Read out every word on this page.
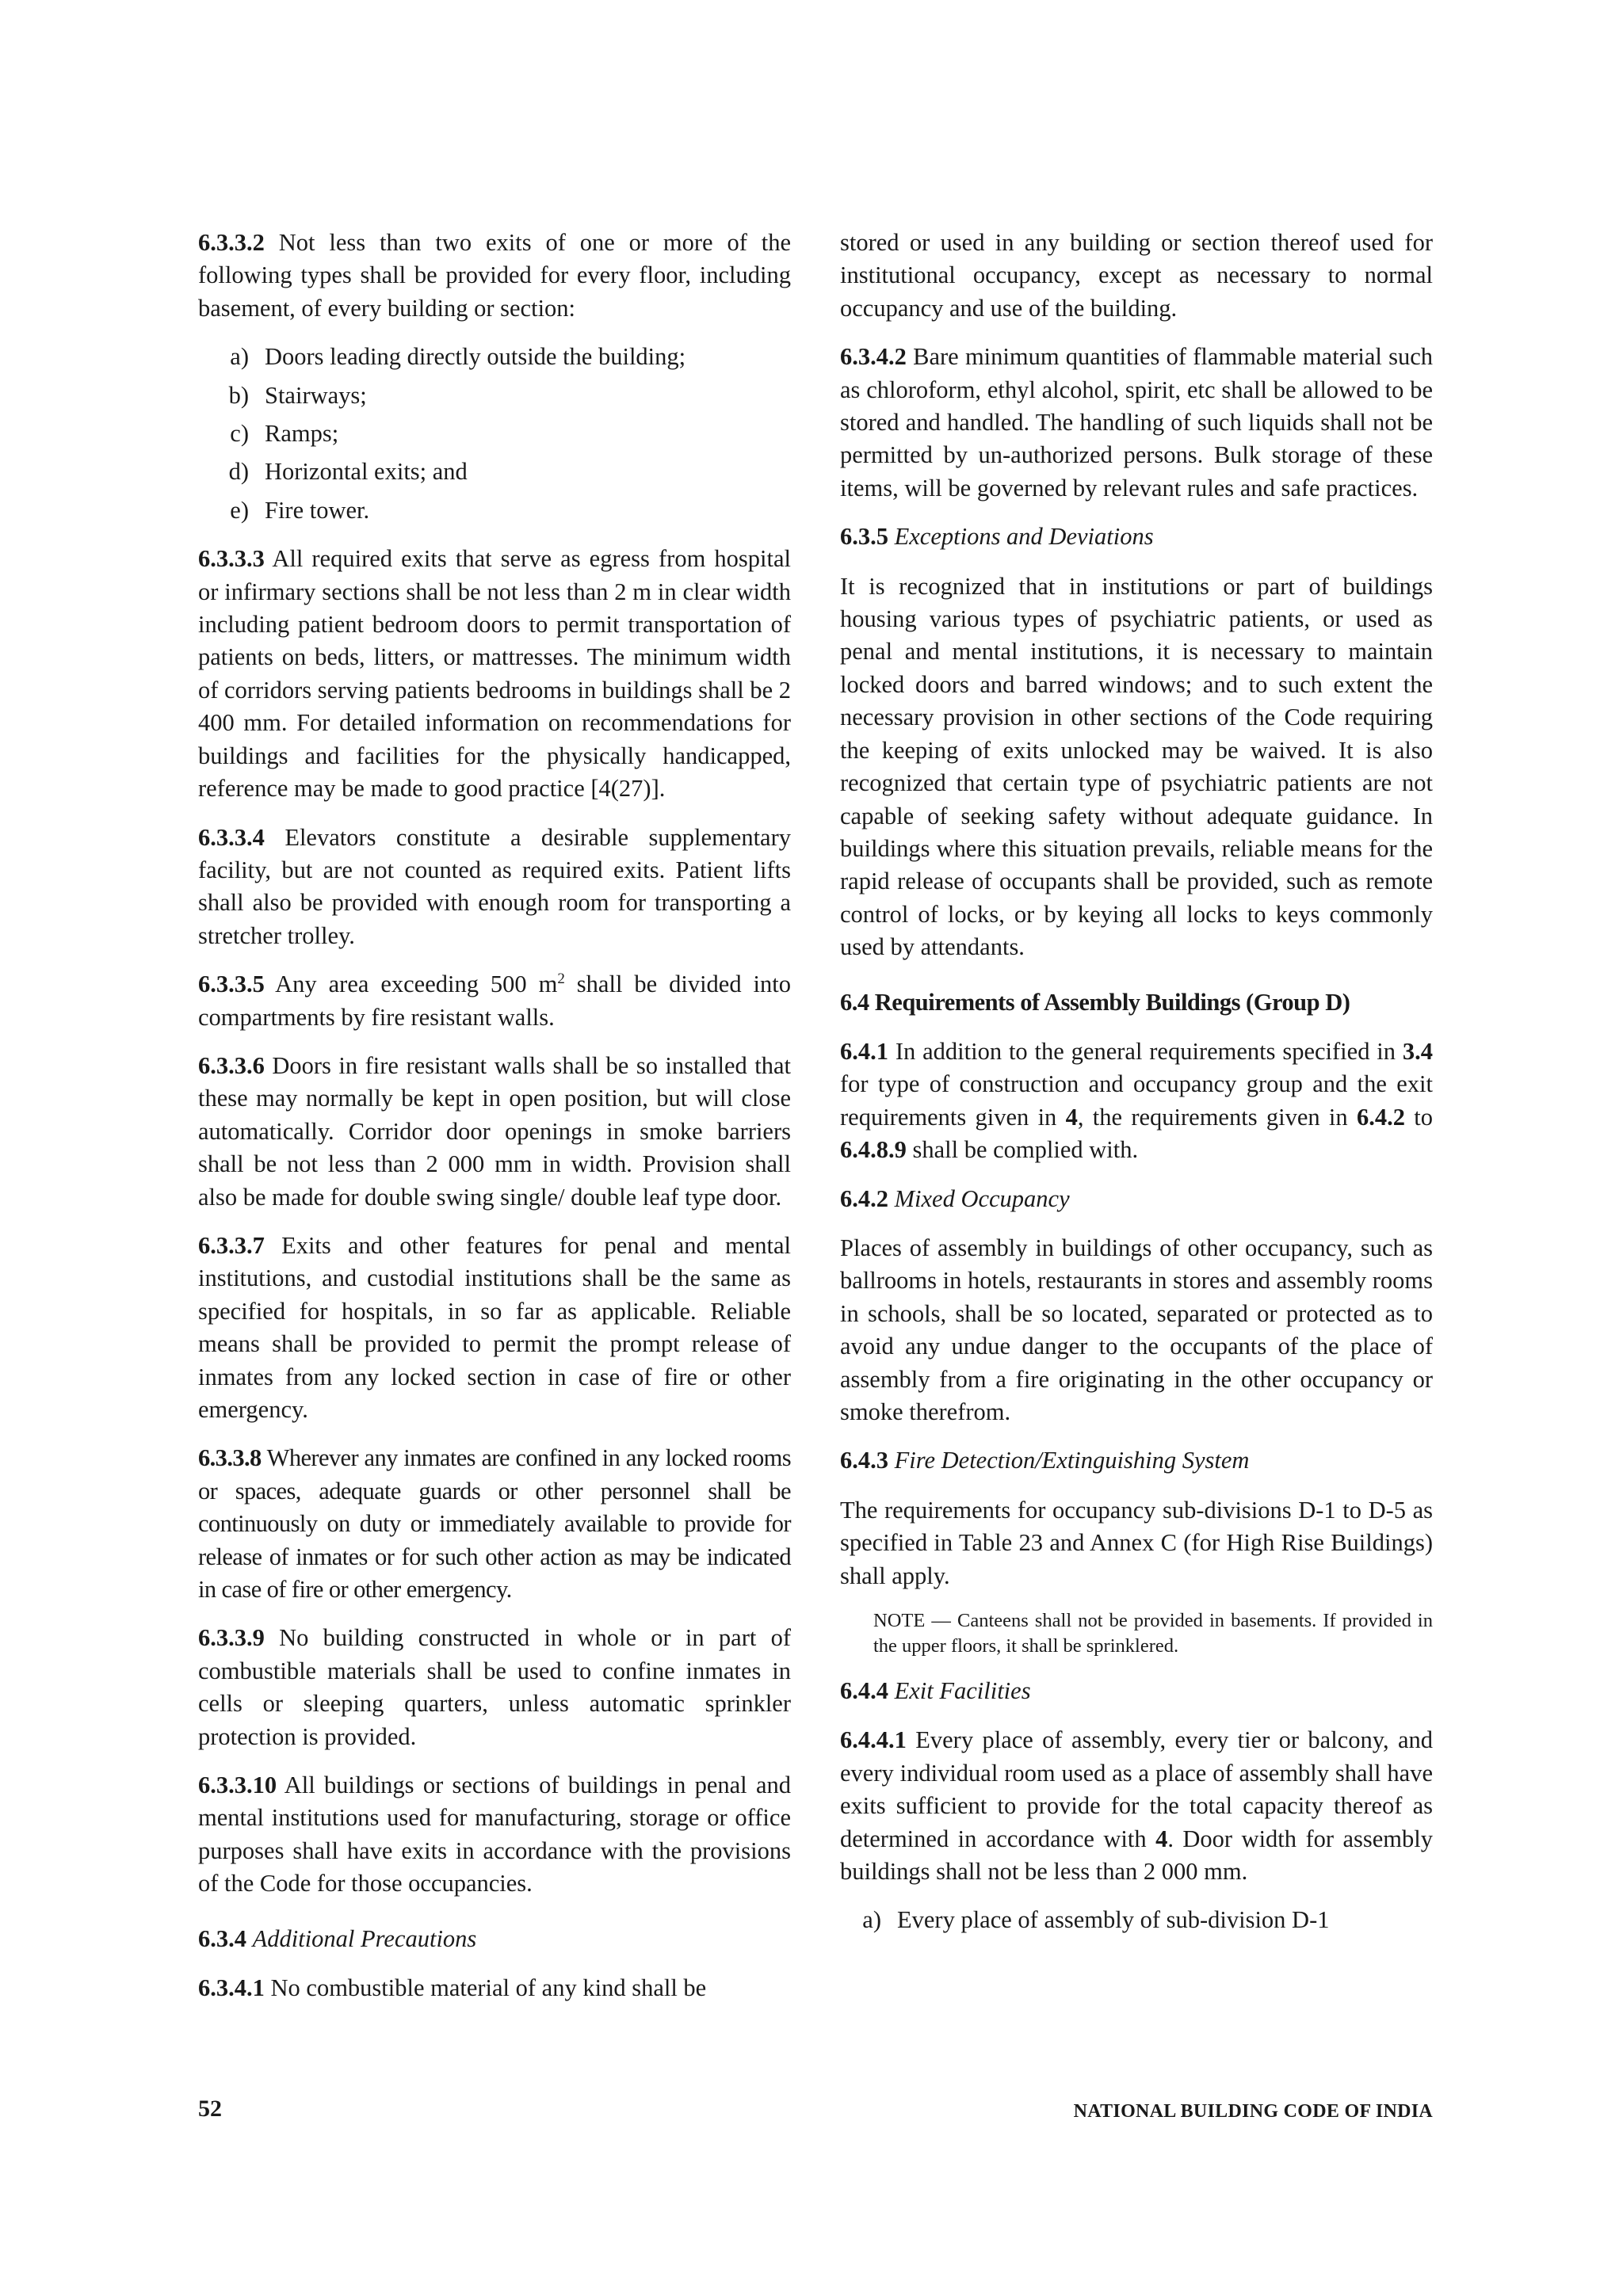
6.3.3.2 Not less than two exits of one or more of the following types shall be provided for every floor, including basement, of every building or section:

a) Doors leading directly outside the building;
b) Stairways;
c) Ramps;
d) Horizontal exits; and
e) Fire tower.

6.3.3.3 All required exits that serve as egress from hospital or infirmary sections shall be not less than 2 m in clear width including patient bedroom doors to permit transportation of patients on beds, litters, or mattresses. The minimum width of corridors serving patients bedrooms in buildings shall be 2 400 mm. For detailed information on recommendations for buildings and facilities for the physically handicapped, reference may be made to good practice [4(27)].

6.3.3.4 Elevators constitute a desirable supplementary facility, but are not counted as required exits. Patient lifts shall also be provided with enough room for transporting a stretcher trolley.

6.3.3.5 Any area exceeding 500 $m^2$ shall be divided into compartments by fire resistant walls.

6.3.3.6 Doors in fire resistant walls shall be so installed that these may normally be kept in open position, but will close automatically. Corridor door openings in smoke barriers shall be not less than 2 000 mm in width. Provision shall also be made for double swing single/ double leaf type door.

6.3.3.7 Exits and other features for penal and mental institutions, and custodial institutions shall be the same as specified for hospitals, in so far as applicable. Reliable means shall be provided to permit the prompt release of inmates from any locked section in case of fire or other emergency.

6.3.3.8 Wherever any inmates are confined in any locked rooms or spaces, adequate guards or other personnel shall be continuously on duty or immediately available to provide for release of inmates or for such other action as may be indicated in case of fire or other emergency.

6.3.3.9 No building constructed in whole or in part of combustible materials shall be used to confine inmates in cells or sleeping quarters, unless automatic sprinkler protection is provided.

6.3.3.10 All buildings or sections of buildings in penal and mental institutions used for manufacturing, storage or office purposes shall have exits in accordance with the provisions of the Code for those occupancies.

6.3.4 Additional Precautions

6.3.4.1 No combustible material of any kind shall be

stored or used in any building or section thereof used for institutional occupancy, except as necessary to normal occupancy and use of the building.

6.3.4.2 Bare minimum quantities of flammable material such as chloroform, ethyl alcohol, spirit, etc shall be allowed to be stored and handled. The handling of such liquids shall not be permitted by un-authorized persons. Bulk storage of these items, will be governed by relevant rules and safe practices.

6.3.5 Exceptions and Deviations

It is recognized that in institutions or part of buildings housing various types of psychiatric patients, or used as penal and mental institutions, it is necessary to maintain locked doors and barred windows; and to such extent the necessary provision in other sections of the Code requiring the keeping of exits unlocked may be waived. It is also recognized that certain type of psychiatric patients are not capable of seeking safety without adequate guidance. In buildings where this situation prevails, reliable means for the rapid release of occupants shall be provided, such as remote control of locks, or by keying all locks to keys commonly used by attendants.

6.4 Requirements of Assembly Buildings (Group D)

6.4.1 In addition to the general requirements specified in 3.4 for type of construction and occupancy group and the exit requirements given in 4, the requirements given in 6.4.2 to 6.4.8.9 shall be complied with.

6.4.2 Mixed Occupancy

Places of assembly in buildings of other occupancy, such as ballrooms in hotels, restaurants in stores and assembly rooms in schools, shall be so located, separated or protected as to avoid any undue danger to the occupants of the place of assembly from a fire originating in the other occupancy or smoke therefrom.

6.4.3 Fire Detection/Extinguishing System

The requirements for occupancy sub-divisions D-1 to D-5 as specified in Table 23 and Annex C (for High Rise Buildings) shall apply.

NOTE — Canteens shall not be provided in basements. If provided in the upper floors, it shall be sprinklered.

6.4.4 Exit Facilities

6.4.4.1 Every place of assembly, every tier or balcony, and every individual room used as a place of assembly shall have exits sufficient to provide for the total capacity thereof as determined in accordance with 4. Door width for assembly buildings shall not be less than 2 000 mm.

a) Every place of assembly of sub-division D-1
52	NATIONAL BUILDING CODE OF INDIA
